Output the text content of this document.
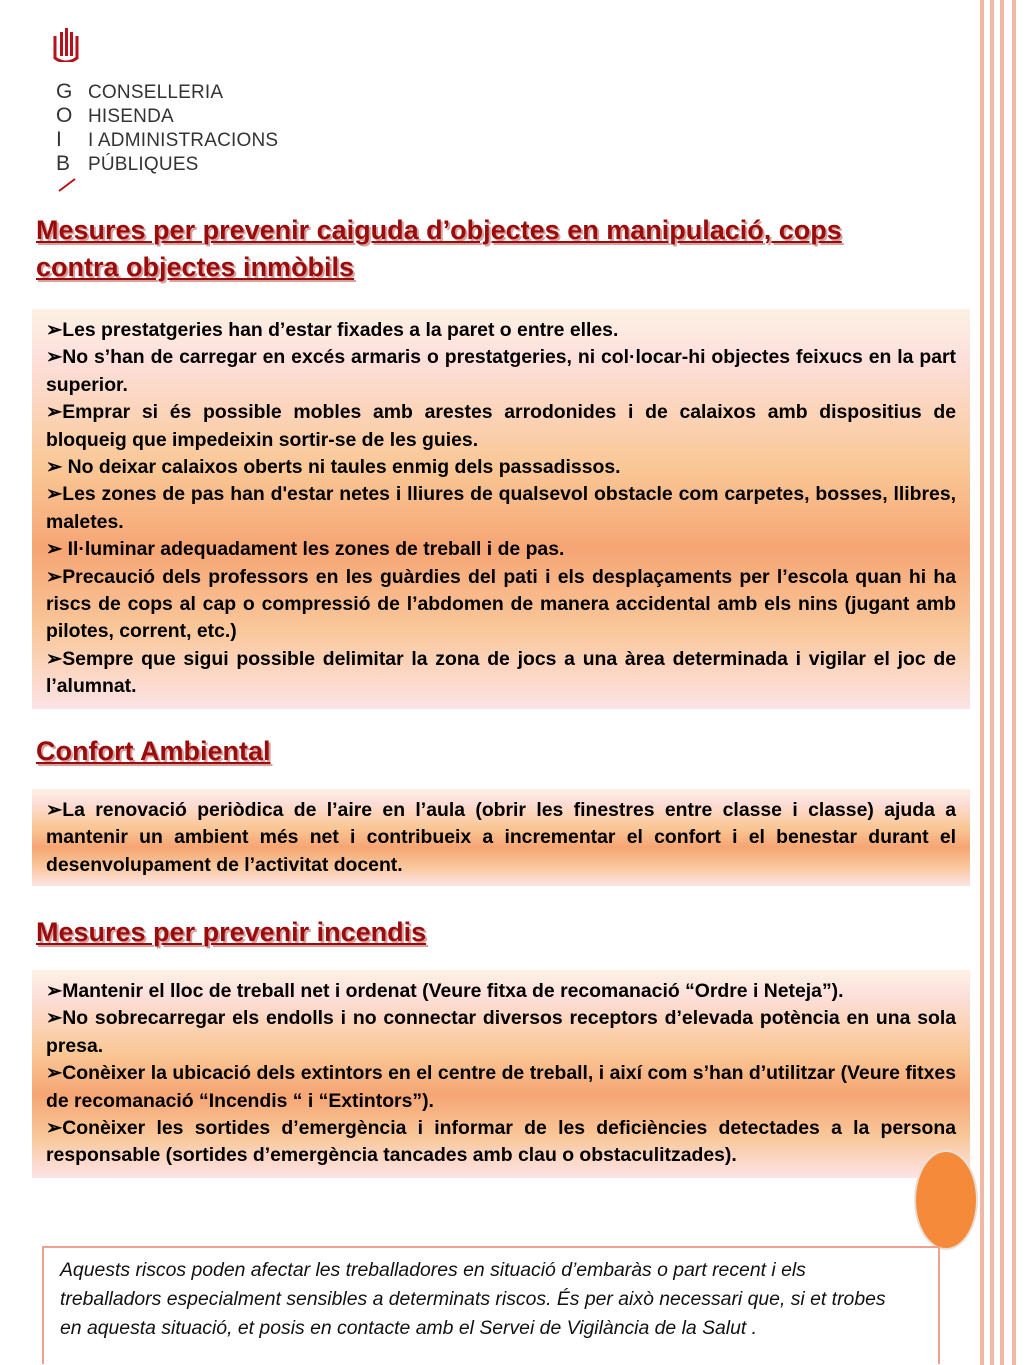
G
O
I
B
CONSELLERIA
HISENDA
I ADMINISTRACIONS
PÚBLIQUES
Mesures per prevenir caiguda d’objectes en manipulació, cops contra objectes inmòbils

➢Les prestatgeries han d’estar fixades a la paret o entre elles.

➢No s’han de carregar en excés armaris o prestatgeries, ni col·locar-hi objectes feixucs en la part superior.

➢Emprar si és possible mobles amb arestes arrodonides i de calaixos amb dispositius de bloqueig que impedeixin sortir-se de les guies.

➢ No deixar calaixos oberts ni taules enmig dels passadissos.

➢Les zones de pas han d'estar netes i lliures de qualsevol obstacle com carpetes, bosses, llibres, maletes.

➢ Il·luminar adequadament les zones de treball i de pas.

➢Precaució dels professors en les guàrdies del pati i els desplaçaments per l’escola quan hi ha riscs de cops al cap o compressió de l’abdomen de manera accidental amb els nins (jugant amb pilotes, corrent, etc.)

➢Sempre que sigui possible delimitar la zona de jocs a una àrea determinada i vigilar el joc de l’alumnat.

Confort Ambiental

➢La renovació periòdica de l’aire en l’aula (obrir les finestres entre classe i classe) ajuda a mantenir un ambient més net i contribueix a incrementar el confort i el benestar durant el desenvolupament de l’activitat docent.

Mesures per prevenir incendis

➢Mantenir el lloc de treball net i ordenat (Veure fitxa de recomanació “Ordre i Neteja”).

➢No sobrecarregar els endolls i no connectar diversos receptors d’elevada potència en una sola presa.

➢Conèixer la ubicació dels extintors en el centre de treball, i així com s’han d’utilitzar (Veure fitxes de recomanació “Incendis “ i “Extintors”).

➢Conèixer les sortides d’emergència i informar de les deficiències detectades a la persona responsable (sortides d’emergència tancades amb clau o obstaculitzades).

Aquests riscos poden afectar les treballadores en situació d’embaràs o part recent i els treballadors especialment sensibles a determinats riscos. És per això necessari que, si et trobes en aquesta situació, et posis en contacte amb el Servei de Vigilància de la Salut .
